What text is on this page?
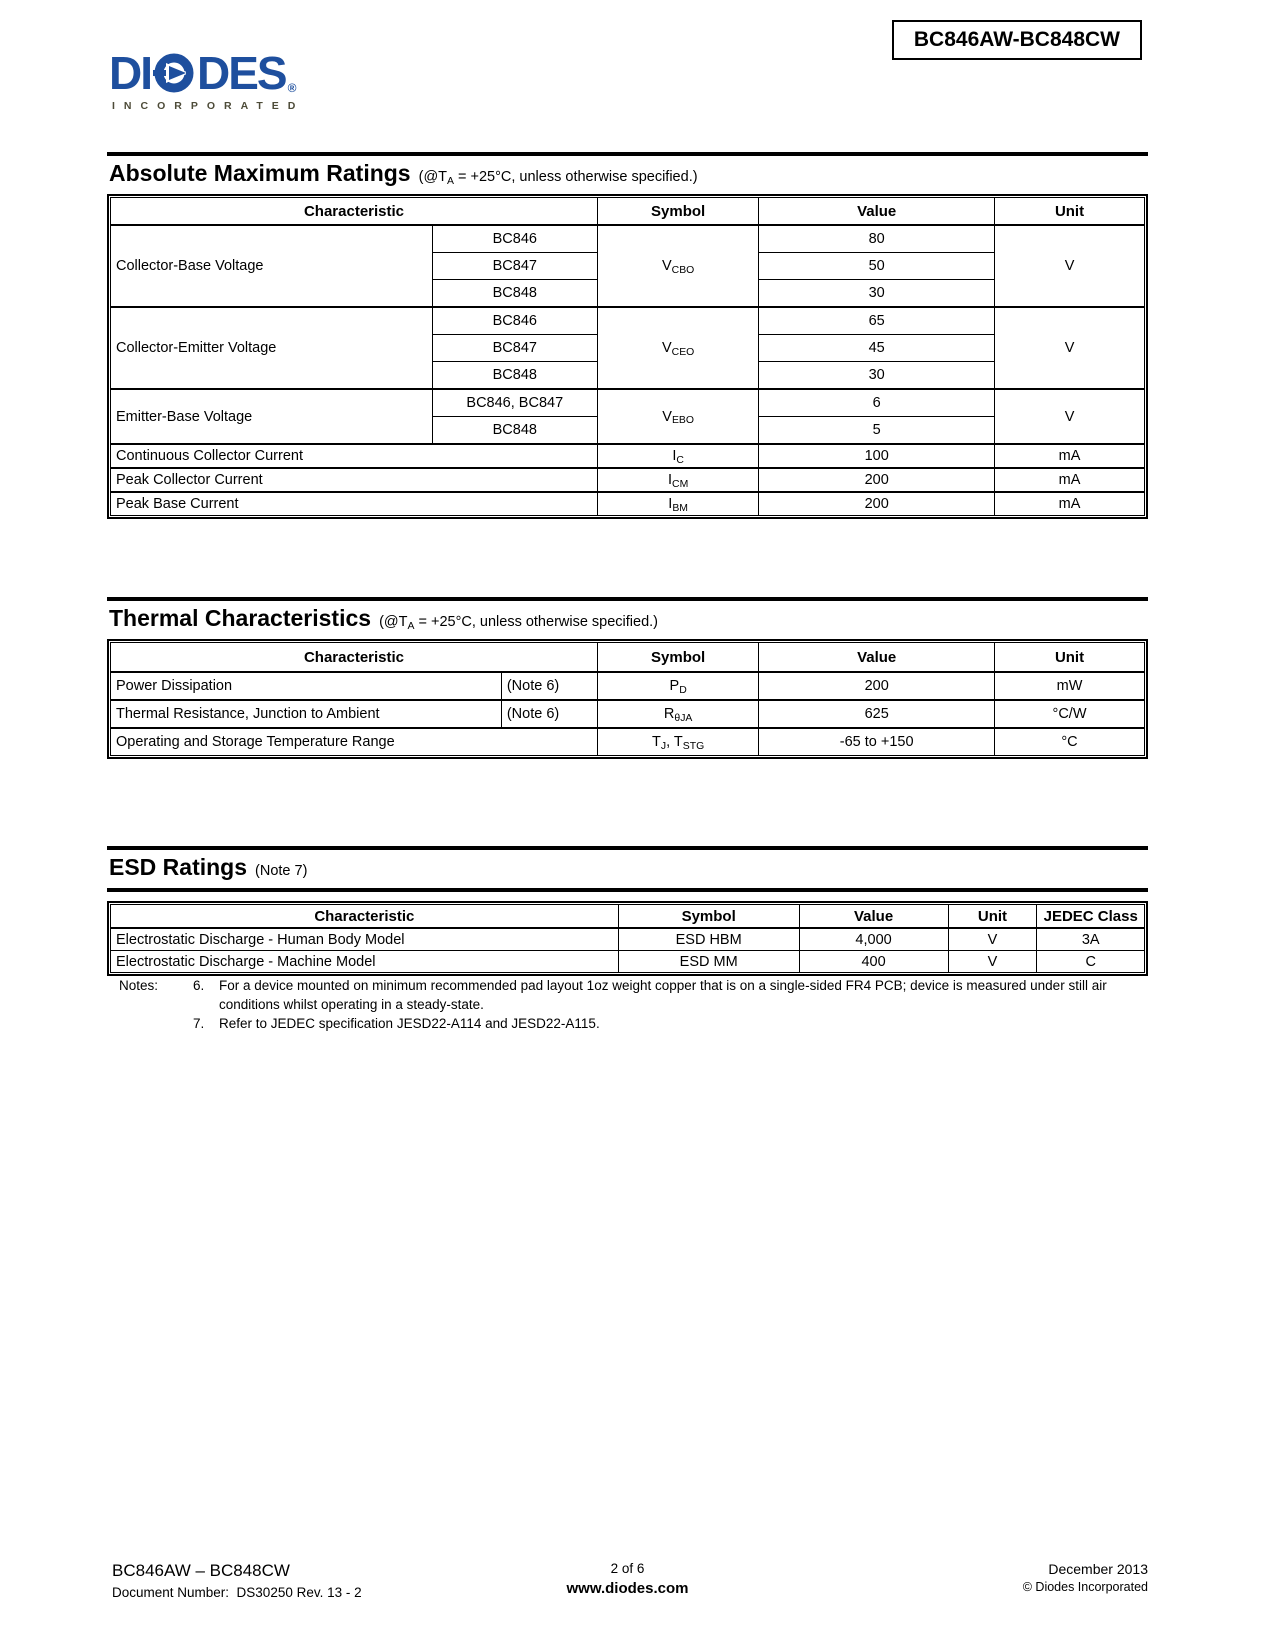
DI DES ®
INCORPORATED
BC846AW-BC848CW
Absolute Maximum Ratings ($@T_A = +25^\circ C$, unless otherwise specified.)
Characteristic		Symbol	Value	Unit
Collector-Base Voltage	BC846	$V_{CBO}$	80	V
	BC847		50	
	BC848		30	
Collector-Emitter Voltage	BC846	$V_{CEO}$	65	V
	BC847		45	
	BC848		30	
Emitter-Base Voltage	BC846, BC847	$V_{EBO}$	6	V
	BC848		5	
Continuous Collector Current		$I_C$	100	mA
Peak Collector Current		$I_{CM}$	200	mA
Peak Base Current		$I_{BM}$	200	mA
Thermal Characteristics ($@T_A = +25^\circ C$, unless otherwise specified.)
Characteristic		Symbol	Value	Unit
Power Dissipation	(Note 6)	$P_D$	200	mW
Thermal Resistance, Junction to Ambient	(Note 6)	$R_{\theta JA}$	625	°C/W
Operating and Storage Temperature Range		$T_J$, $T_{STG}$	-65 to +150	°C
ESD Ratings (Note 7)
Characteristic	Symbol	Value	Unit	JEDEC Class
Electrostatic Discharge - Human Body Model	ESD HBM	4,000	V	3A
Electrostatic Discharge - Machine Model	ESD MM	400	V	C
Notes:	6.	For a device mounted on minimum recommended pad layout 1oz weight copper that is on a single-sided FR4 PCB; device is measured under still air conditions whilst operating in a steady-state.
7.	Refer to JEDEC specification JESD22-A114 and JESD22-A115.
BC846AW – BC848CW
Document Number:  DS30250 Rev. 13 - 2
2 of 6
www.diodes.com
December 2013
© Diodes Incorporated
